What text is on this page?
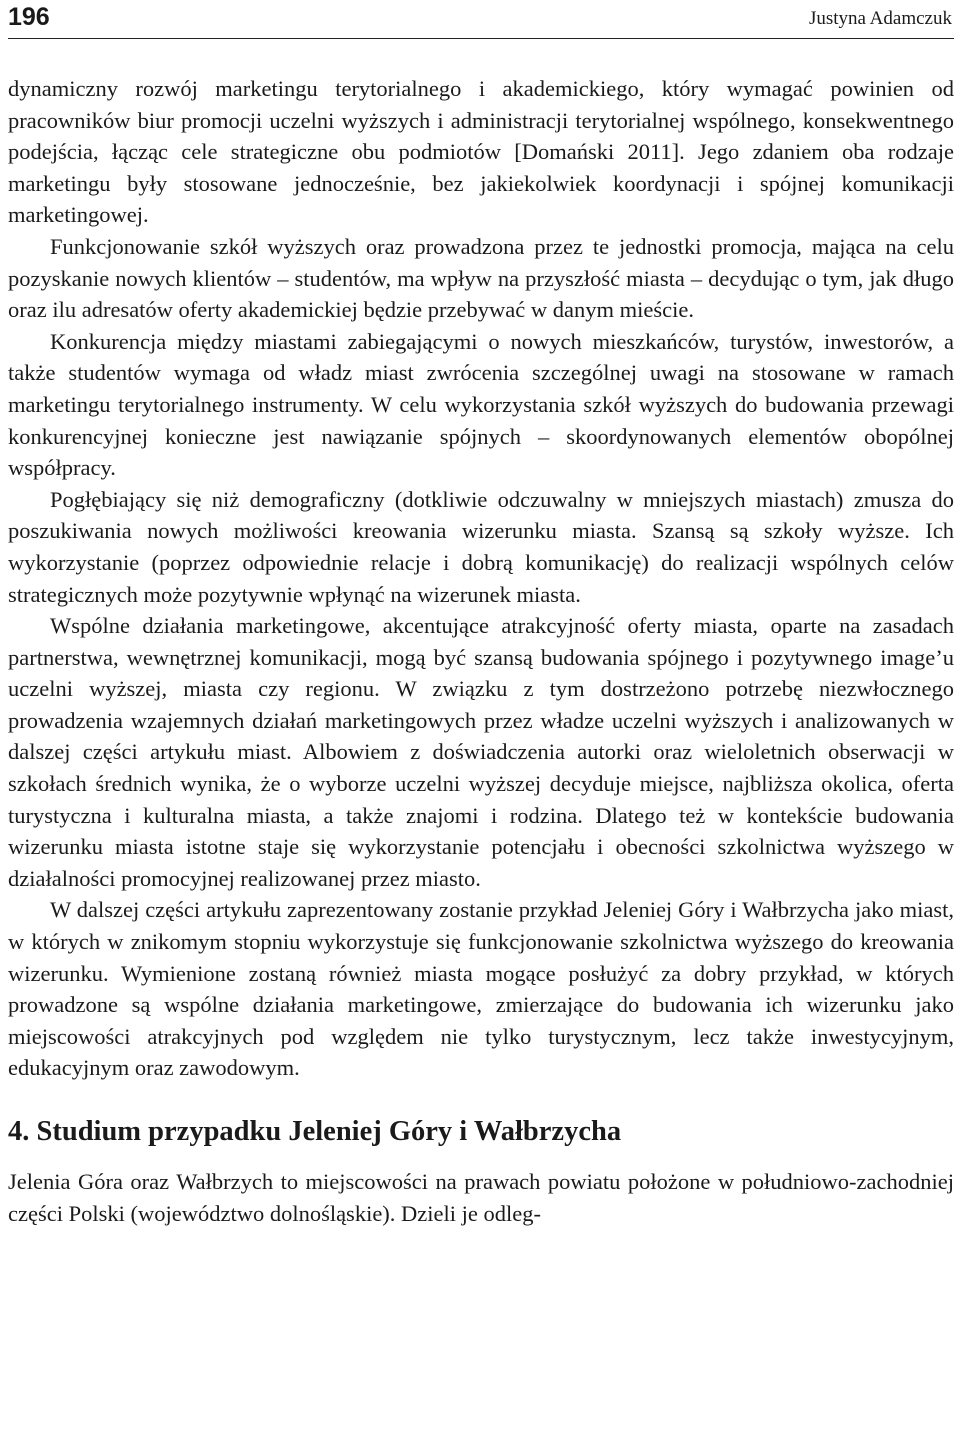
196	Justyna Adamczuk

dynamiczny rozwój marketingu terytorialnego i akademickiego, który wymagać powinien od pracowników biur promocji uczelni wyższych i administracji terytorialnej wspólnego, konsekwentnego podejścia, łącząc cele strategiczne obu podmiotów [Domański 2011]. Jego zdaniem oba rodzaje marketingu były stosowane jednocześnie, bez jakiekolwiek koordynacji i spójnej komunikacji marketingowej.

Funkcjonowanie szkół wyższych oraz prowadzona przez te jednostki promocja, mająca na celu pozyskanie nowych klientów – studentów, ma wpływ na przyszłość miasta – decydując o tym, jak długo oraz ilu adresatów oferty akademickiej będzie przebywać w danym mieście.

Konkurencja między miastami zabiegającymi o nowych mieszkańców, turystów, inwestorów, a także studentów wymaga od władz miast zwrócenia szczególnej uwagi na stosowane w ramach marketingu terytorialnego instrumenty. W celu wykorzystania szkół wyższych do budowania przewagi konkurencyjnej konieczne jest nawiązanie spójnych – skoordynowanych elementów obopólnej współpracy.

Pogłębiający się niż demograficzny (dotkliwie odczuwalny w mniejszych miastach) zmusza do poszukiwania nowych możliwości kreowania wizerunku miasta. Szansą są szkoły wyższe. Ich wykorzystanie (poprzez odpowiednie relacje i dobrą komunikację) do realizacji wspólnych celów strategicznych może pozytywnie wpłynąć na wizerunek miasta.

Wspólne działania marketingowe, akcentujące atrakcyjność oferty miasta, oparte na zasadach partnerstwa, wewnętrznej komunikacji, mogą być szansą budowania spójnego i pozytywnego image’u uczelni wyższej, miasta czy regionu. W związku z tym dostrzeżono potrzebę niezwłocznego prowadzenia wzajemnych działań marketingowych przez władze uczelni wyższych i analizowanych w dalszej części artykułu miast. Albowiem z doświadczenia autorki oraz wieloletnich obserwacji w szkołach średnich wynika, że o wyborze uczelni wyższej decyduje miejsce, najbliższa okolica, oferta turystyczna i kulturalna miasta, a także znajomi i rodzina. Dlatego też w kontekście budowania wizerunku miasta istotne staje się wykorzystanie potencjału i obecności szkolnictwa wyższego w działalności promocyjnej realizowanej przez miasto.

W dalszej części artykułu zaprezentowany zostanie przykład Jeleniej Góry i Wałbrzycha jako miast, w których w znikomym stopniu wykorzystuje się funkcjonowanie szkolnictwa wyższego do kreowania wizerunku. Wymienione zostaną również miasta mogące posłużyć za dobry przykład, w których prowadzone są wspólne działania marketingowe, zmierzające do budowania ich wizerunku jako miejscowości atrakcyjnych pod względem nie tylko turystycznym, lecz także inwestycyjnym, edukacyjnym oraz zawodowym.

4. Studium przypadku Jeleniej Góry i Wałbrzycha
Jelenia Góra oraz Wałbrzych to miejscowości na prawach powiatu położone w południowo-zachodniej części Polski (województwo dolnośląskie). Dzieli je odleg-
